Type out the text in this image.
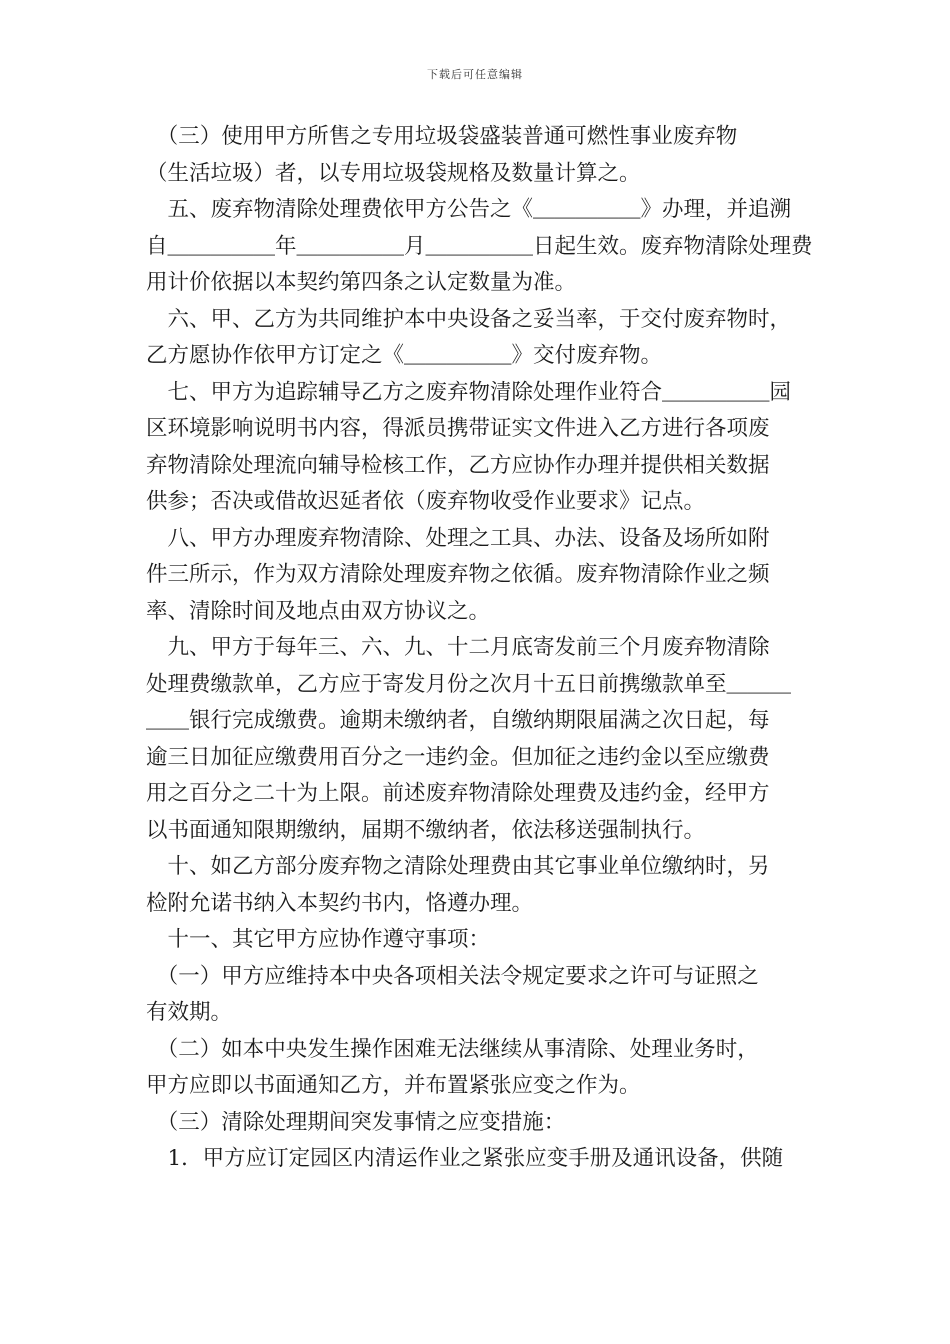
下载后可任意编辑
　（三）使用甲方所售之专用垃圾袋盛装普通可燃性事业废弃物
（生活垃圾）者，以专用垃圾袋规格及数量计算之。
　五、废弃物清除处理费依甲方公告之《＿＿＿＿＿》办理，并追溯
自＿＿＿＿＿年＿＿＿＿＿月＿＿＿＿＿日起生效。废弃物清除处理费
用计价依据以本契约第四条之认定数量为准。
　六、甲、乙方为共同维护本中央设备之妥当率，于交付废弃物时，
乙方愿协作依甲方订定之《＿＿＿＿＿》交付废弃物。
　七、甲方为追踪辅导乙方之废弃物清除处理作业符合＿＿＿＿＿园
区环境影响说明书内容，得派员携带证实文件进入乙方进行各项废
弃物清除处理流向辅导检核工作，乙方应协作办理并提供相关数据
供参；否决或借故迟延者依（废弃物收受作业要求》记点。
　八、甲方办理废弃物清除、处理之工具、办法、设备及场所如附
件三所示，作为双方清除处理废弃物之依循。废弃物清除作业之频
率、清除时间及地点由双方协议之。
　九、甲方于每年三、六、九、十二月底寄发前三个月废弃物清除
处理费缴款单，乙方应于寄发月份之次月十五日前携缴款单至＿＿＿
＿＿银行完成缴费。逾期未缴纳者，自缴纳期限届满之次日起，每
逾三日加征应缴费用百分之一违约金。但加征之违约金以至应缴费
用之百分之二十为上限。前述废弃物清除处理费及违约金，经甲方
以书面通知限期缴纳，届期不缴纳者，依法移送强制执行。
　十、如乙方部分废弃物之清除处理费由其它事业单位缴纳时，另
检附允诺书纳入本契约书内，恪遵办理。
　十一、其它甲方应协作遵守事项：
　（一）甲方应维持本中央各项相关法令规定要求之许可与证照之
有效期。
　（二）如本中央发生操作困难无法继续从事清除、处理业务时，
甲方应即以书面通知乙方，并布置紧张应变之作为。
　（三）清除处理期间突发事情之应变措施：
　1．甲方应订定园区内清运作业之紧张应变手册及通讯设备，供随
